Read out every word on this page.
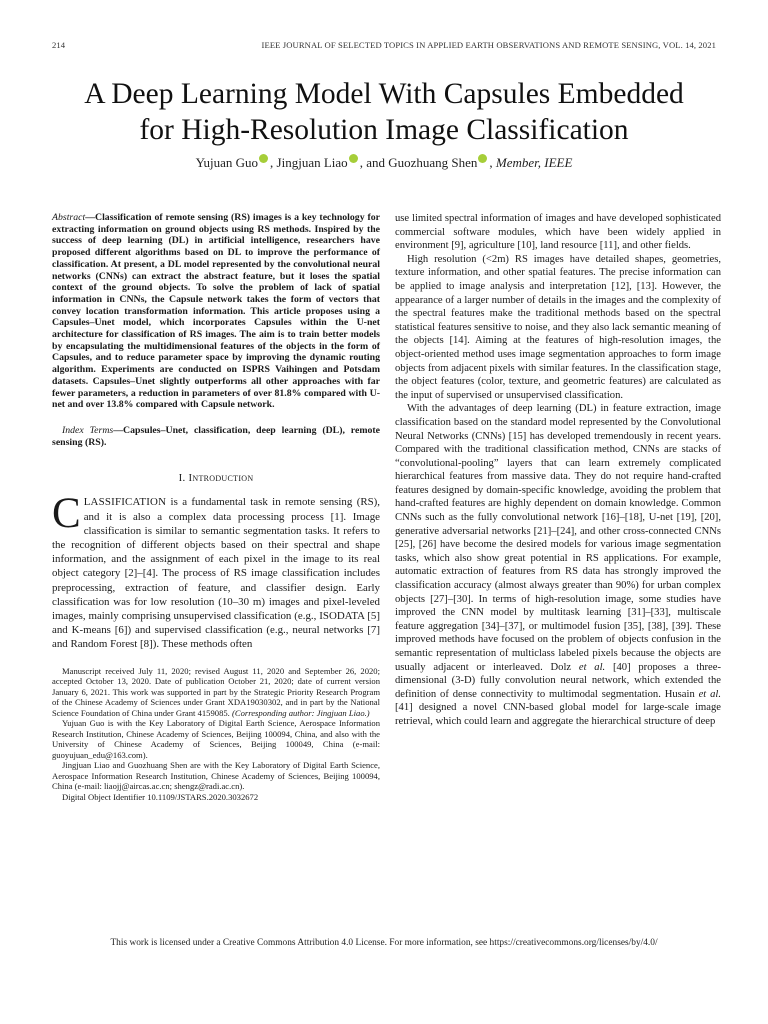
214	IEEE JOURNAL OF SELECTED TOPICS IN APPLIED EARTH OBSERVATIONS AND REMOTE SENSING, VOL. 14, 2021
A Deep Learning Model With Capsules Embedded
for High-Resolution Image Classification
Yujuan Guo , Jingjuan Liao , and Guozhuang Shen , Member, IEEE

Abstract—Classification of remote sensing (RS) images is a key technology for extracting information on ground objects using RS methods. Inspired by the success of deep learning (DL) in artificial intelligence, researchers have proposed different algorithms based on DL to improve the performance of classification. At present, a DL model represented by the convolutional neural networks (CNNs) can extract the abstract feature, but it loses the spatial context of the ground objects. To solve the problem of lack of spatial information in CNNs, the Capsule network takes the form of vectors that convey location transformation information. This article proposes using a Capsules–Unet model, which incorporates Capsules within the U-net architecture for classification of RS images. The aim is to train better models by encapsulating the multidimensional features of the objects in the form of Capsules, and to reduce parameter space by improving the dynamic routing algorithm. Experiments are conducted on ISPRS Vaihingen and Potsdam datasets. Capsules–Unet slightly outperforms all other approaches with far fewer parameters, a reduction in parameters of over 81.8% compared with U-net and over 13.8% compared with Capsule network.

Index Terms—Capsules–Unet, classification, deep learning (DL), remote sensing (RS).

I. Introduction

CLASSIFICATION is a fundamental task in remote sensing (RS), and it is also a complex data processing process [1]. Image classification is similar to semantic segmentation tasks. It refers to the recognition of different objects based on their spectral and shape information, and the assignment of each pixel in the image to its real object category [2]–[4]. The process of RS image classification includes preprocessing, extraction of feature, and classifier design. Early classification was for low resolution (10–30 m) images and pixel-leveled images, mainly comprising unsupervised classification (e.g., ISODATA [5] and K-means [6]) and supervised classification (e.g., neural networks [7] and Random Forest [8]). These methods often

Manuscript received July 11, 2020; revised August 11, 2020 and September 26, 2020; accepted October 13, 2020. Date of publication October 21, 2020; date of current version January 6, 2021. This work was supported in part by the Strategic Priority Research Program of the Chinese Academy of Sciences under Grant XDA19030302, and in part by the National Science Foundation of China under Grant 4159085. (Corresponding author: Jingjuan Liao.)

Yujuan Guo is with the Key Laboratory of Digital Earth Science, Aerospace Information Research Institution, Chinese Academy of Sciences, Beijing 100094, China, and also with the University of Chinese Academy of Sciences, Beijing 100049, China (e-mail: guoyujuan_edu@163.com).

Jingjuan Liao and Guozhuang Shen are with the Key Laboratory of Digital Earth Science, Aerospace Information Research Institution, Chinese Academy of Sciences, Beijing 100094, China (e-mail: liaojj@aircas.ac.cn; shengz@radi.ac.cn).

Digital Object Identifier 10.1109/JSTARS.2020.3032672

use limited spectral information of images and have developed sophisticated commercial software modules, which have been widely applied in environment [9], agriculture [10], land resource [11], and other fields.

High resolution (<2m) RS images have detailed shapes, geometries, texture information, and other spatial features. The precise information can be applied to image analysis and interpretation [12], [13]. However, the appearance of a larger number of details in the images and the complexity of the spectral features make the traditional methods based on the spectral statistical features sensitive to noise, and they also lack semantic meaning of the objects [14]. Aiming at the features of high-resolution images, the object-oriented method uses image segmentation approaches to form image objects from adjacent pixels with similar features. In the classification stage, the object features (color, texture, and geometric features) are calculated as the input of supervised or unsupervised classification.

With the advantages of deep learning (DL) in feature extraction, image classification based on the standard model represented by the Convolutional Neural Networks (CNNs) [15] has developed tremendously in recent years. Compared with the traditional classification method, CNNs are stacks of “convolutional-pooling” layers that can learn extremely complicated hierarchical features from massive data. They do not require hand-crafted features designed by domain-specific knowledge, avoiding the problem that hand-crafted features are highly dependent on domain knowledge. Common CNNs such as the fully convolutional network [16]–[18], U-net [19], [20], generative adversarial networks [21]–[24], and other cross-connected CNNs [25], [26] have become the desired models for various image segmentation tasks, which also show great potential in RS applications. For example, automatic extraction of features from RS data has strongly improved the classification accuracy (almost always greater than 90%) for urban complex objects [27]–[30]. In terms of high-resolution image, some studies have improved the CNN model by multitask learning [31]–[33], multiscale feature aggregation [34]–[37], or multimodel fusion [35], [38], [39]. These improved methods have focused on the problem of objects confusion in the semantic representation of multiclass labeled pixels because the objects are usually adjacent or interleaved. Dolz et al. [40] proposes a three-dimensional (3-D) fully convolution neural network, which extended the definition of dense connectivity to multimodal segmentation. Husain et al. [41] designed a novel CNN-based global model for large-scale image retrieval, which could learn and aggregate the hierarchical structure of deep

This work is licensed under a Creative Commons Attribution 4.0 License. For more information, see https://creativecommons.org/licenses/by/4.0/
